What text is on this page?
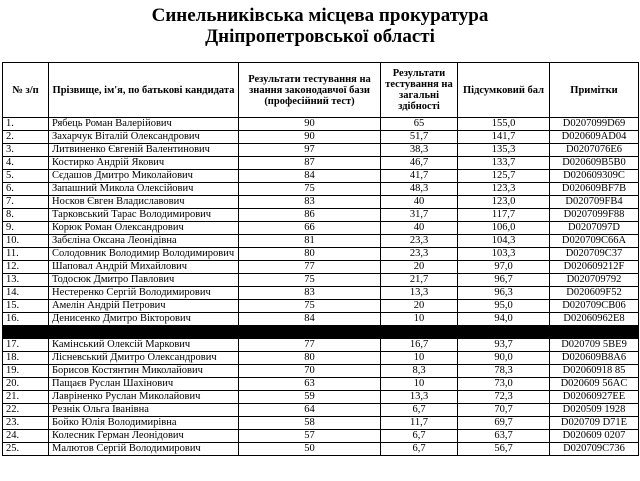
Синельниківська місцева прокуратура
Дніпропетровської області
№ з/п	Прізвище, ім'я, по батькові кандидата	Результати тестування на знання законодавчої бази (професійний тест)	Результати тестування на загальні здібності	Підсумковий бал	Примітки
1.	Рябець Роман Валерійович	90	65	155,0	D0207099D69
2.	Захарчук Віталій Олександрович	90	51,7	141,7	D020609AD04
3.	Литвиненко Євгеній Валентинович	97	38,3	135,3	D0207076E6
4.	Костирко Андрій Якович	87	46,7	133,7	D020609B5B0
5.	Сєдашов Дмитро Миколайович	84	41,7	125,7	D020609309C
6.	Запашний Микола Олексійович	75	48,3	123,3	D020609BF7B
7.	Носков Євген Владиславович	83	40	123,0	D020709FB4
8.	Тарковський Тарас Володимирович	86	31,7	117,7	D0207099F88
9.	Корюк Роман Олександрович	66	40	106,0	D0207097D
10.	Забєліна Оксана Леонідівна	81	23,3	104,3	D020709C66A
11.	Солодовник Володимир Володимирович	80	23,3	103,3	D020709C37
12.	Шаповал Андрій Михайлович	77	20	97,0	D020609212F
13.	Тодосюк Дмитро Павлович	75	21,7	96,7	D020709792
14.	Нестеренко Сергій Володимирович	83	13,3	96,3	D020609F52
15.	Амелін Андрій Петрович	75	20	95,0	D020709CB06
16.	Денисенко Дмитро Вікторович	84	10	94,0	D02060962E8

17.	Камінський Олексій Маркович	77	16,7	93,7	D020709 5BE9
18.	Лісневський Дмитро Олександрович	80	10	90,0	D020609B8A6
19.	Борисов Костянтин Миколайович	70	8,3	78,3	D02060918 85
20.	Пащаєв Руслан Шахінович	63	10	73,0	D020609 56AC
21.	Лавріненко Руслан Миколайович	59	13,3	72,3	D02060927EE
22.	Резнік Ольга Іванівна	64	6,7	70,7	D020509 1928
23.	Бойко Юлія Володимирівна	58	11,7	69,7	D020709 D71E
24.	Колесник Герман Леонідович	57	6,7	63,7	D020609 0207
25.	Малютов Сергій Володимирович	50	6,7	56,7	D020709C736
